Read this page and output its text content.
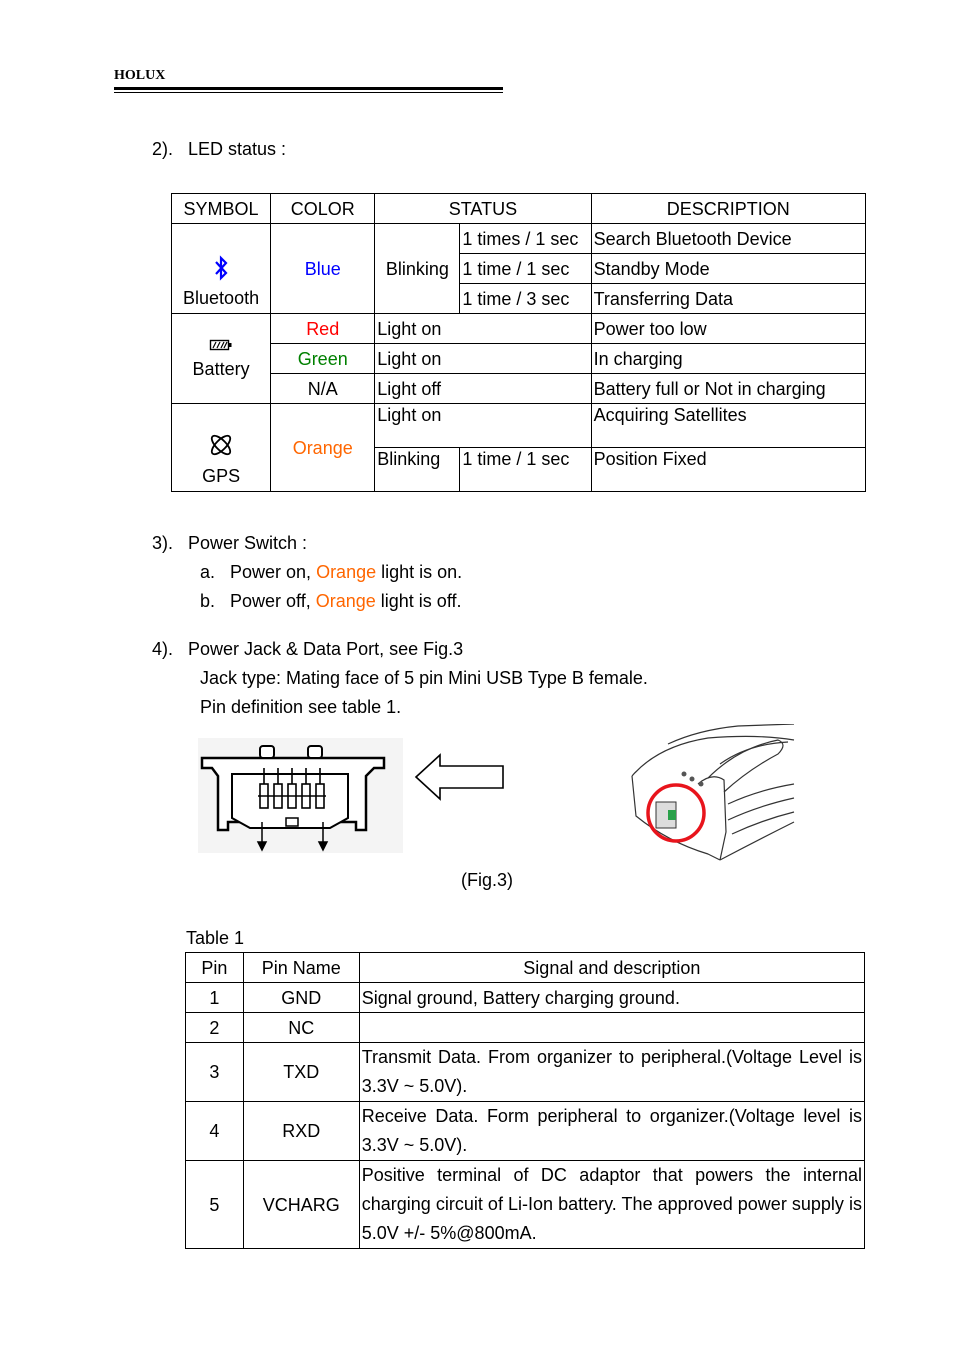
HOLUX
2).   LED status :
SYMBOL	COLOR	STATUS		DESCRIPTION

Bluetooth	Blue	Blinking	1 times / 1 sec	Search Bluetooth Device
			1 time / 1 sec	Standby Mode
			1 time / 3 sec	Transferring Data

Battery	Red	Light on		Power too low
	Green	Light on		In charging
	N/A	Light off		Battery full or Not in charging

GPS	Orange	Light on		Acquiring Satellites
		Blinking	1 time / 1 sec	Position Fixed
3).   Power Switch :
a.   Power on, Orange light is on.
b.   Power off, Orange light is off.
4).   Power Jack & Data Port, see Fig.3
Jack type: Mating face of 5 pin Mini USB Type B female.
Pin definition see table 1.
(Fig.3)
Table 1
Pin	Pin Name	Signal and description
1	GND	Signal ground, Battery charging ground.
2	NC	
3	TXD	Transmit Data. From organizer to peripheral.(Voltage Level is 3.3V ~ 5.0V).
4	RXD	Receive Data. Form peripheral to organizer.(Voltage level is 3.3V ~ 5.0V).
5	VCHARG	Positive terminal of DC adaptor that powers the internal charging circuit of Li-Ion battery. The approved power supply is 5.0V +/- 5%@800mA.
